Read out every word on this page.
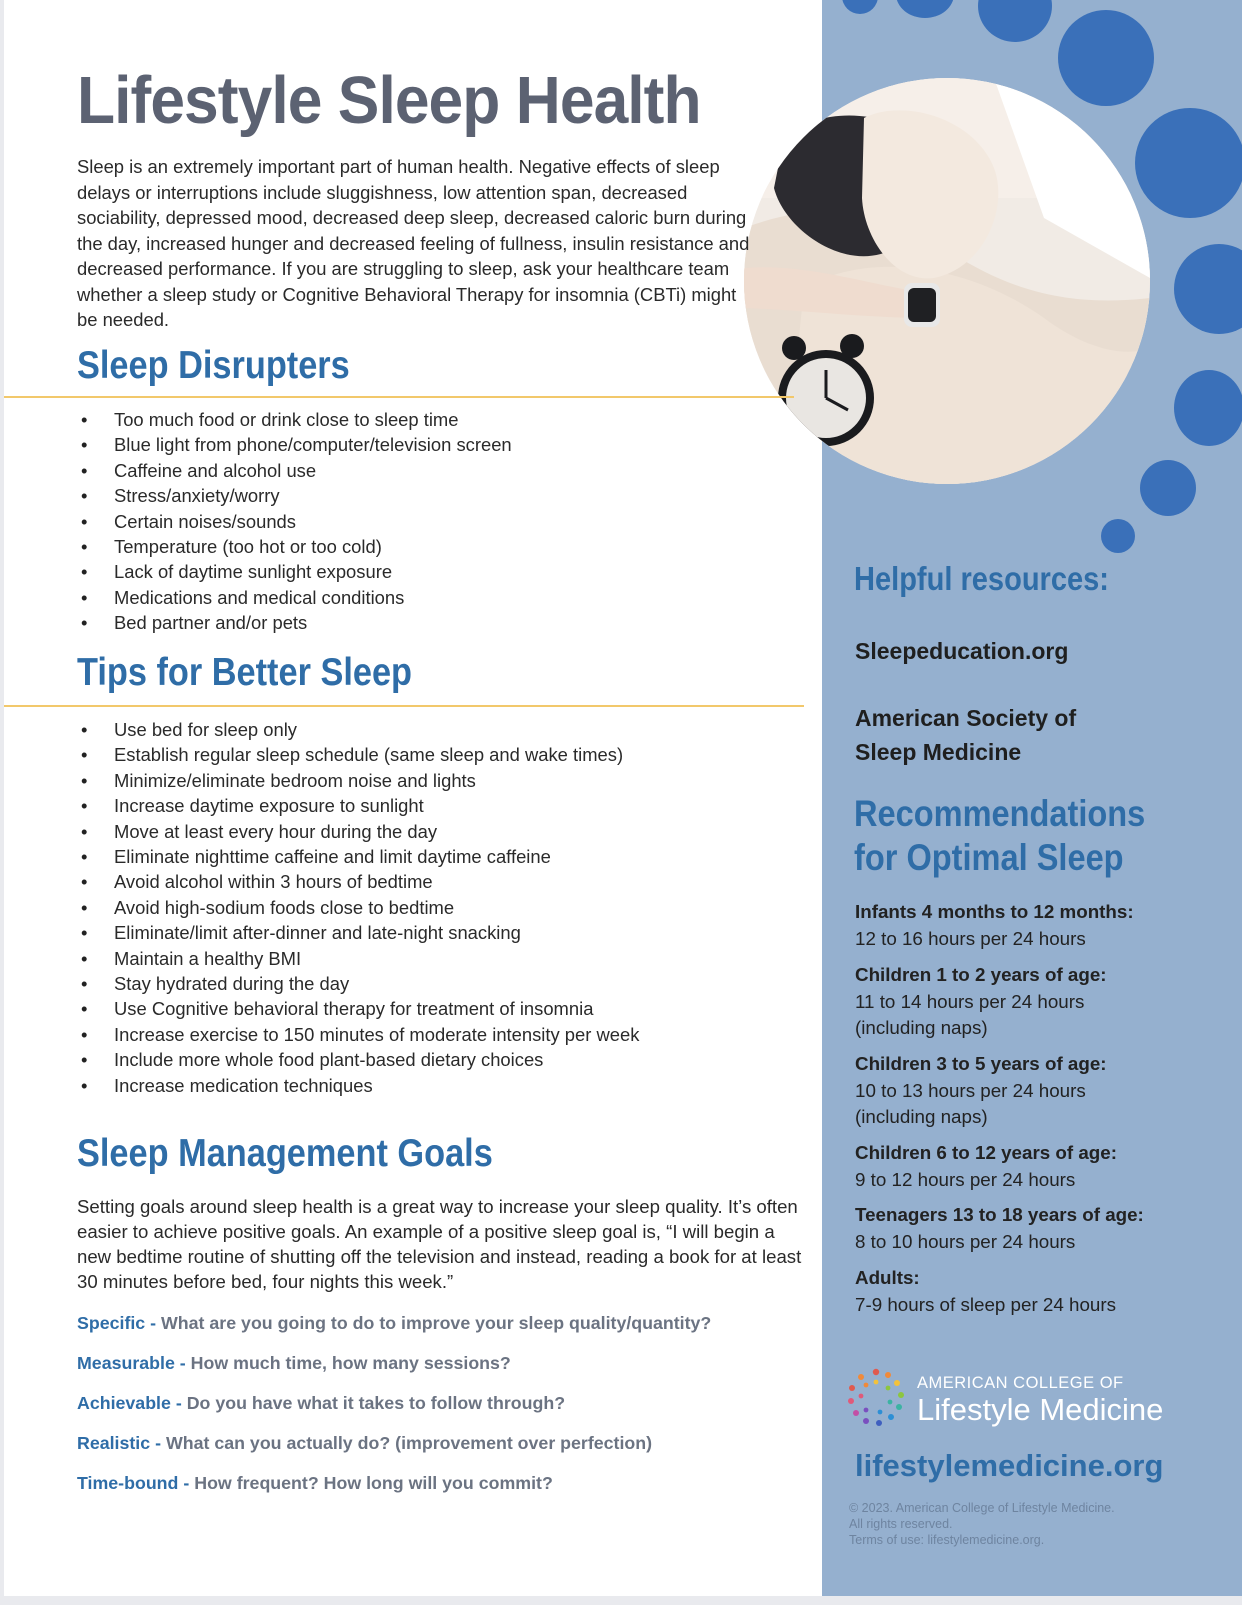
Lifestyle Sleep Health

Sleep is an extremely important part of human health. Negative effects of sleep delays or interruptions include sluggishness, low attention span, decreased sociability, depressed mood, decreased deep sleep, decreased caloric burn during the day, increased hunger and decreased feeling of fullness, insulin resistance and decreased performance. If you are struggling to sleep, ask your healthcare team whether a sleep study or Cognitive Behavioral Therapy for insomnia (CBTi) might be needed.

Sleep Disrupters
• Too much food or drink close to sleep time
• Blue light from phone/computer/television screen
• Caffeine and alcohol use
• Stress/anxiety/worry
• Certain noises/sounds
• Temperature (too hot or too cold)
• Lack of daytime sunlight exposure
• Medications and medical conditions
• Bed partner and/or pets
Tips for Better Sleep
• Use bed for sleep only
• Establish regular sleep schedule (same sleep and wake times)
• Minimize/eliminate bedroom noise and lights
• Increase daytime exposure to sunlight
• Move at least every hour during the day
• Eliminate nighttime caffeine and limit daytime caffeine
• Avoid alcohol within 3 hours of bedtime
• Avoid high-sodium foods close to bedtime
• Eliminate/limit after-dinner and late-night snacking
• Maintain a healthy BMI
• Stay hydrated during the day
• Use Cognitive behavioral therapy for treatment of insomnia
• Increase exercise to 150 minutes of moderate intensity per week
• Include more whole food plant-based dietary choices
• Increase medication techniques
Sleep Management Goals

Setting goals around sleep health is a great way to increase your sleep quality. It’s often easier to achieve positive goals. An example of a positive sleep goal is, “I will begin a new bedtime routine of shutting off the television and instead, reading a book for at least 30 minutes before bed, four nights this week.”

Specific - What are you going to do to improve your sleep quality/quantity?
Measurable - How much time, how many sessions?
Achievable - Do you have what it takes to follow through?
Realistic - What can you actually do? (improvement over perfection)
Time-bound - How frequent? How long will you commit?
Helpful resources:
Sleepeducation.org
American Society of
Sleep Medicine
Recommendations
for Optimal Sleep
Infants 4 months to 12 months:
12 to 16 hours per 24 hours
Children 1 to 2 years of age:
11 to 14 hours per 24 hours
(including naps)
Children 3 to 5 years of age:
10 to 13 hours per 24 hours
(including naps)
Children 6 to 12 years of age:
9 to 12 hours per 24 hours
Teenagers 13 to 18 years of age:
8 to 10 hours per 24 hours
Adults:
7-9 hours of sleep per 24 hours
AMERICAN COLLEGE OF
Lifestyle Medicine
lifestylemedicine.org
© 2023. American College of Lifestyle Medicine.
All rights reserved.
Terms of use: lifestylemedicine.org.
